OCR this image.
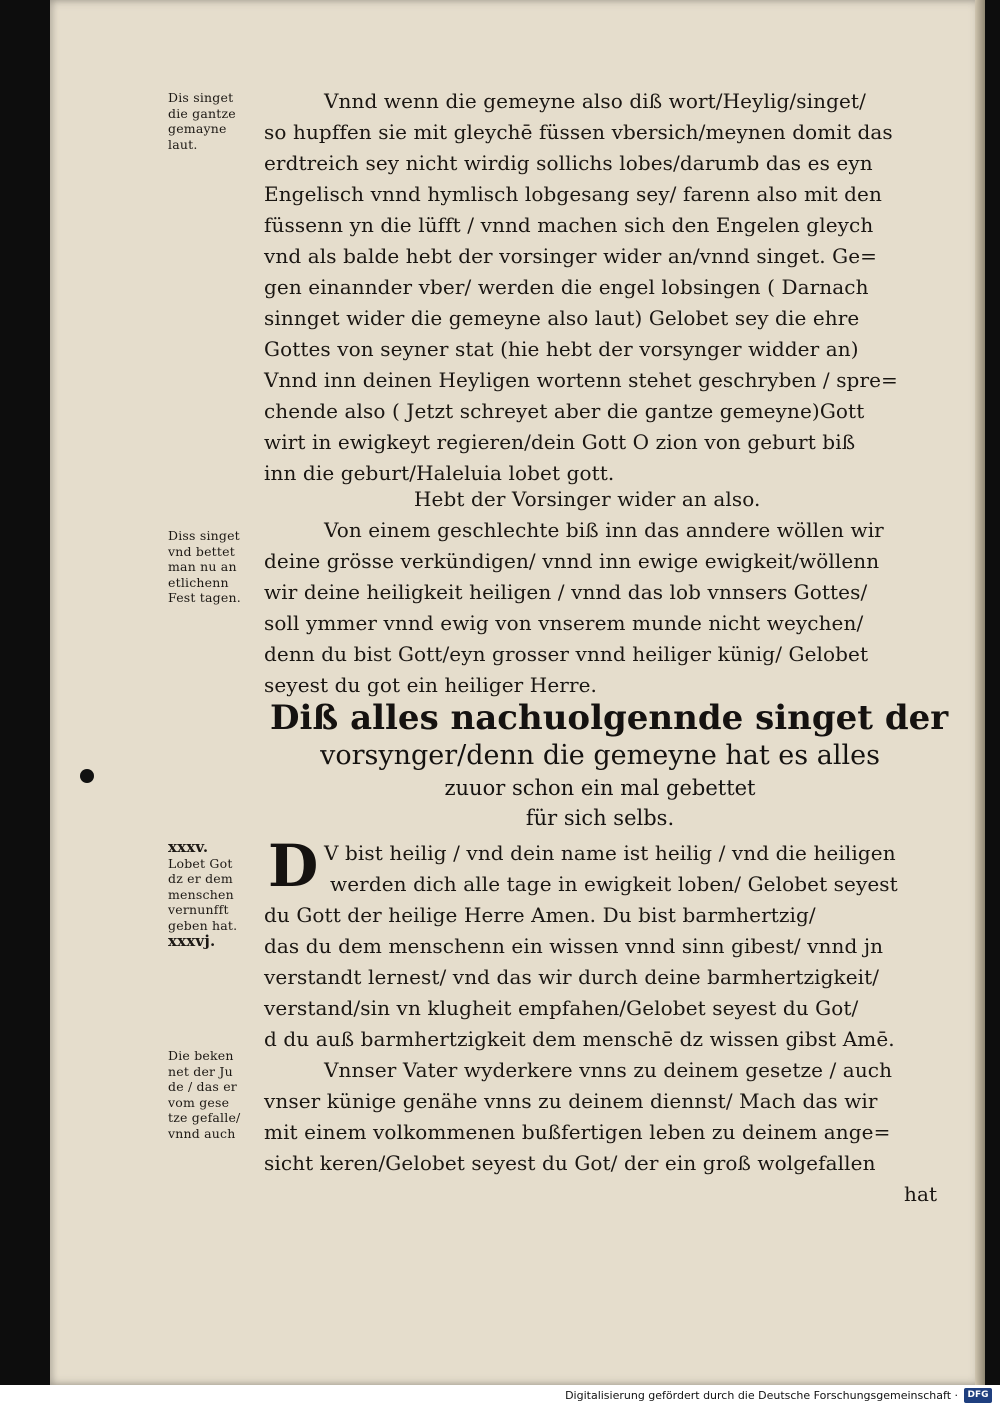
Dis singet
die gantze
gemayne
laut.
Diss singet
vnd bettet
man nu an
etlichenn
Fest tagen.
xxxv.
Lobet Got
dz er dem
menschen
vernunfft
geben hat.
xxxvj.
Die beken
net der Ju
de / das er
vom gese
tze gefalle/
vnnd auch
Vnnd wenn die gemeyne also diß wort/Heylig/singet/
so hupffen sie mit gleychē füssen vbersich/meynen domit das
erdtreich sey nicht wirdig sollichs lobes/darumb das es eyn
Engelisch vnnd hymlisch lobgesang sey/ farenn also mit den
füssenn yn die lüfft / vnnd machen sich den Engelen gleych
vnd als balde hebt der vorsinger wider an/vnnd singet. Ge=
gen einannder vber/ werden die engel lobsingen ( Darnach
sinnget wider die gemeyne also laut) Gelobet sey die ehre
Gottes von seyner stat (hie hebt der vorsynger widder an)
Vnnd inn deinen Heyligen wortenn stehet geschryben / spre=
chende also ( Jetzt schreyet aber die gantze gemeyne)Gott
wirt in ewigkeyt regieren/dein Gott O zion von geburt biß
inn die geburt/Haleluia lobet gott.
Hebt der Vorsinger wider an also.
Von einem geschlechte biß inn das anndere wöllen wir
deine grösse verkündigen/ vnnd inn ewige ewigkeit/wöllenn
wir deine heiligkeit heiligen / vnnd das lob vnnsers Gottes/
soll ymmer vnnd ewig von vnserem munde nicht weychen/
denn du bist Gott/eyn grosser vnnd heiliger künig/ Gelobet
seyest du got ein heiliger Herre.
Diß alles nachuolgennde singet der
vorsynger/denn die gemeyne hat es alles
zuuor schon ein mal gebettet
für sich selbs.
D V bist heilig / vnd dein name ist heilig / vnd die heiligen
werden dich alle tage in ewigkeit loben/ Gelobet seyest
du Gott der heilige Herre Amen. Du bist barmhertzig/
das du dem menschenn ein wissen vnnd sinn gibest/ vnnd jn
verstandt lernest/ vnd das wir durch deine barmhertzigkeit/
verstand/sin vn klugheit empfahen/Gelobet seyest du Got/
d du auß barmhertzigkeit dem menschē dz wissen gibst Amē.
Vnnser Vater wyderkere vnns zu deinem gesetze / auch
vnser künige genähe vnns zu deinem diennst/ Mach das wir
mit einem volkommenen bußfertigen leben zu deinem ange=
sicht keren/Gelobet seyest du Got/ der ein groß wolgefallen
hat
Digitalisierung gefördert durch die Deutsche Forschungsgemeinschaft ·	DFG
